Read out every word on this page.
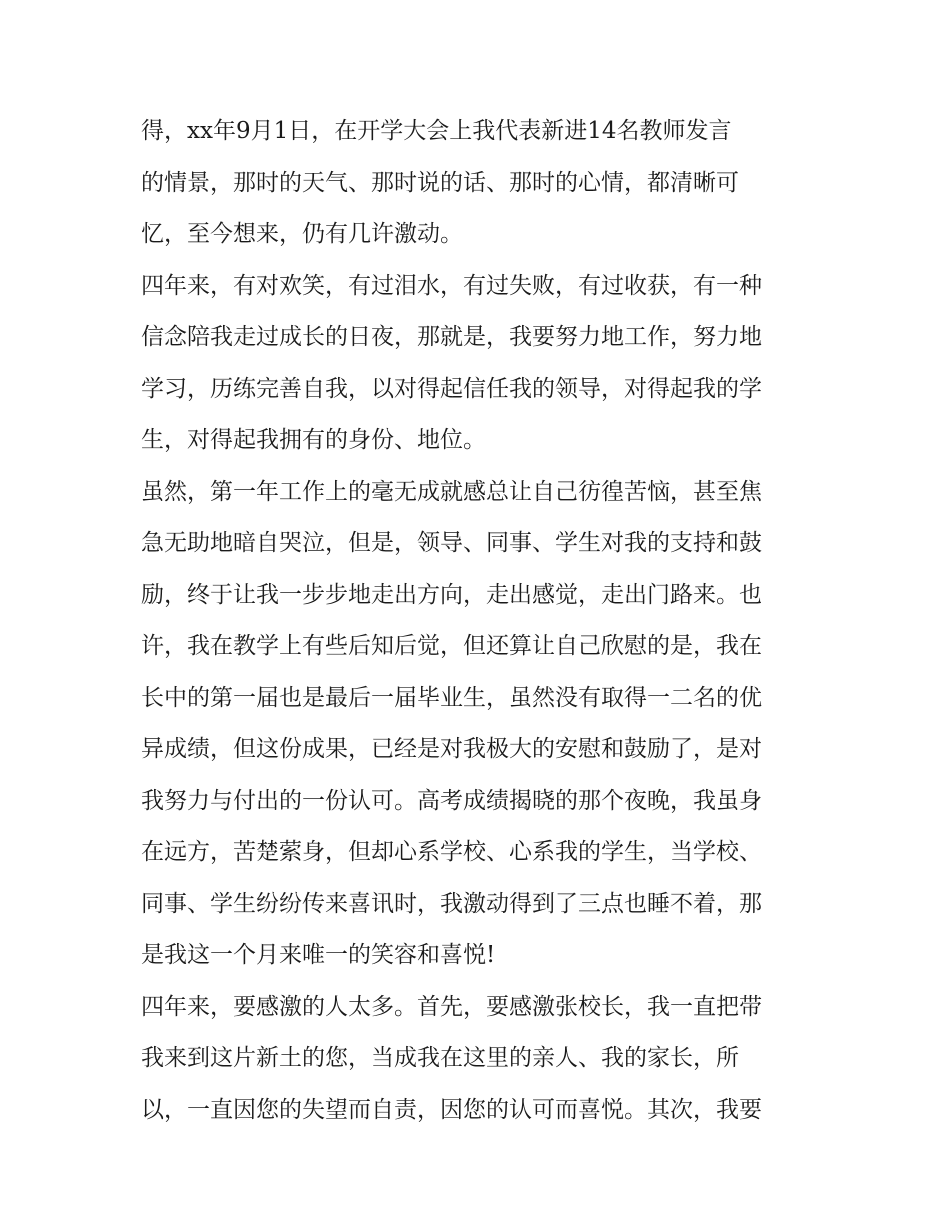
得，xx年9月1日，在开学大会上我代表新进14名教师发言
的情景，那时的天气、那时说的话、那时的心情，都清晰可
忆，至今想来，仍有几许激动。
四年来，有对欢笑，有过泪水，有过失败，有过收获，有一种
信念陪我走过成长的日夜，那就是，我要努力地工作，努力地
学习，历练完善自我，以对得起信任我的领导，对得起我的学
生，对得起我拥有的身份、地位。
虽然，第一年工作上的毫无成就感总让自己彷徨苦恼，甚至焦
急无助地暗自哭泣，但是，领导、同事、学生对我的支持和鼓
励，终于让我一步步地走出方向，走出感觉，走出门路来。也
许，我在教学上有些后知后觉，但还算让自己欣慰的是，我在
长中的第一届也是最后一届毕业生，虽然没有取得一二名的优
异成绩，但这份成果，已经是对我极大的安慰和鼓励了，是对
我努力与付出的一份认可。高考成绩揭晓的那个夜晚，我虽身
在远方，苦楚萦身，但却心系学校、心系我的学生，当学校、
同事、学生纷纷传来喜讯时，我激动得到了三点也睡不着，那
是我这一个月来唯一的笑容和喜悦!
四年来，要感激的人太多。首先，要感激张校长，我一直把带
我来到这片新土的您，当成我在这里的亲人、我的家长，所
以，一直因您的失望而自责，因您的认可而喜悦。其次，我要
